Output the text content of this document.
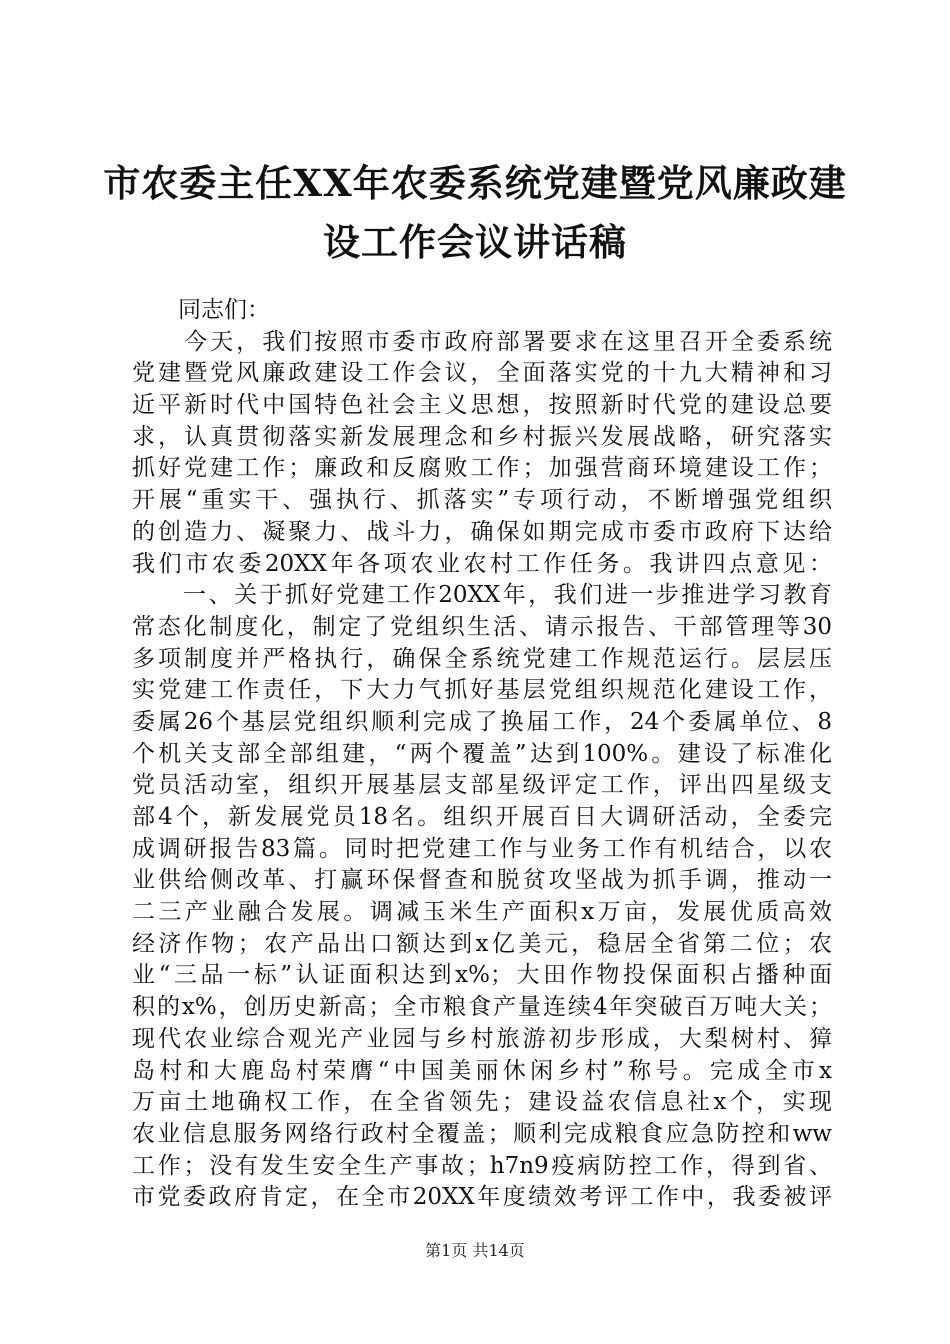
市农委主任XX年农委系统党建暨党风廉政建
设工作会议讲话稿
　　同志们：
　　今天，我们按照市委市政府部署要求在这里召开全委系统
党建暨党风廉政建设工作会议，全面落实党的十九大精神和习
近平新时代中国特色社会主义思想，按照新时代党的建设总要
求，认真贯彻落实新发展理念和乡村振兴发展战略，研究落实
抓好党建工作；廉政和反腐败工作；加强营商环境建设工作；
开展“重实干、强执行、抓落实”专项行动，不断增强党组织
的创造力、凝聚力、战斗力，确保如期完成市委市政府下达给
我们市农委20XX年各项农业农村工作任务。我讲四点意见：
　　一、关于抓好党建工作20XX年，我们进一步推进学习教育
常态化制度化，制定了党组织生活、请示报告、干部管理等30
多项制度并严格执行，确保全系统党建工作规范运行。层层压
实党建工作责任，下大力气抓好基层党组织规范化建设工作，
委属26个基层党组织顺利完成了换届工作，24个委属单位、8
个机关支部全部组建，“两个覆盖”达到100%。建设了标准化
党员活动室，组织开展基层支部星级评定工作，评出四星级支
部4个，新发展党员18名。组织开展百日大调研活动，全委完
成调研报告83篇。同时把党建工作与业务工作有机结合，以农
业供给侧改革、打赢环保督查和脱贫攻坚战为抓手调，推动一
二三产业融合发展。调减玉米生产面积x万亩，发展优质高效
经济作物；农产品出口额达到x亿美元，稳居全省第二位；农
业“三品一标”认证面积达到x%；大田作物投保面积占播种面
积的x%，创历史新高；全市粮食产量连续4年突破百万吨大关；
现代农业综合观光产业园与乡村旅游初步形成，大梨树村、獐
岛村和大鹿岛村荣膺“中国美丽休闲乡村”称号。完成全市x
万亩土地确权工作，在全省领先；建设益农信息社x个，实现
农业信息服务网络行政村全覆盖；顺利完成粮食应急防控和ww
工作；没有发生安全生产事故；h7n9疫病防控工作，得到省、
市党委政府肯定，在全市20XX年度绩效考评工作中，我委被评
第1页 共14页
